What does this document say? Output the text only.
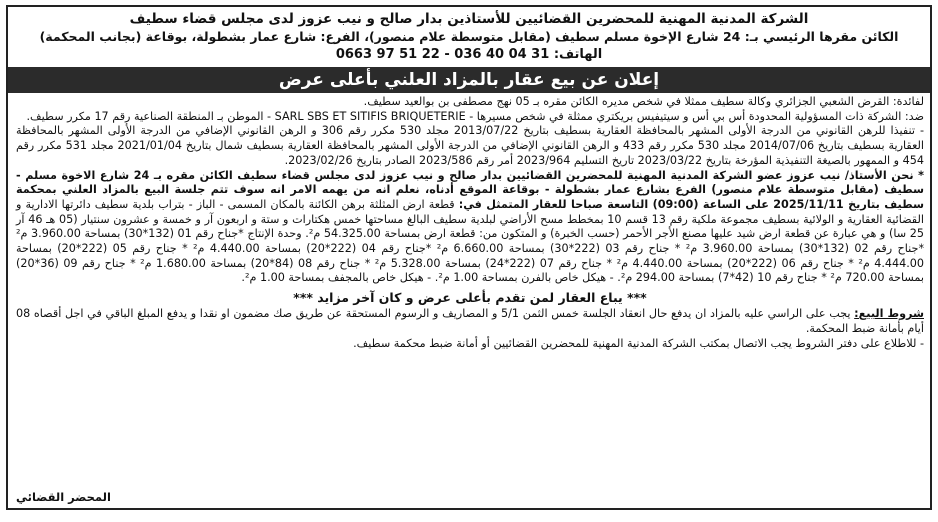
الشركة المدنية المهنية للمحضرين القضائيين للأستاذين بدار صالح و نيب عزوز لدى مجلس قضاء سطيف
الكائن مقرها الرئيسي بـ: 24 شارع الإخوة مسلم سطيف (مقابل متوسطة علام منصور)، الفرع: شارع عمار بشطولة، بوقاعة (بجانب المحكمة)
الهاتف: 0663 97 51 22 - 036 40 04 31
إعلان عن بيع عقار بالمزاد العلني بأعلى عرض

لفائدة: القرض الشعبي الجزائري وكالة سطيف ممثلا في شخص مديره الكائن مقره بـ 05 نهج مصطفى بن بوالعيد سطيف.

ضد: الشركة ذات المسؤولية المحدودة أس بي أس و سيتيفيس بريكتري ممثلة في شخص مسيرها - SARL SBS ET SITIFIS BRIQUETERIE - الموطن بـ المنطقة الصناعية رقم 17 مكرر سطيف.

- تنفيذا للرهن القانوني من الدرجة الأولى المشهر بالمحافظة العقارية بسطيف بتاريخ 2013/07/22 مجلد 530 مكرر رقم 306 و الرهن القانوني الإضافي من الدرجة الأولى المشهر بالمحافظة العقارية بسطيف بتاريخ 2014/07/06 مجلد 530 مكرر رقم 433 و الرهن القانوني الإضافي من الدرجة الأولى المشهر بالمحافظة العقارية بسطيف شمال بتاريخ 2021/01/04 مجلد 531 مكرر رقم 454 و الممهور بالصيغة التنفيذية المؤرخة بتاريخ 2023/03/22 تاريخ التسليم 2023/964 أمر رقم 2023/586 الصادر بتاريخ 2023/02/26.

* نحن الأستاذ/ نيب عزوز عضو الشركة المدنية المهنية للمحضرين القضائيين بدار صالح و نيب عزوز لدى مجلس قضاء سطيف الكائن مقره بـ 24 شارع الاخوة مسلم - سطيف (مقابل متوسطة علام منصور) الفرع بشارع عمار بشطولة - بوقاعة الموقع أدناه، نعلم انه من يهمه الامر انه سوف تتم جلسة البيع بالمزاد العلني بمحكمة سطيف بتاريخ 2025/11/11 على الساعة (09:00) التاسعة صباحا للعقار المتمثل في: قطعة ارض المثلثة برهن الكائنة بالمكان المسمى - الباز - بتراب بلدية سطيف دائرتها الادارية و القضائية العقارية و الولائية بسطيف مجموعة ملكية رقم 13 قسم 10 بمخطط مسح الأراضي لبلدية سطيف البالغ مساحتها خمس هكتارات و ستة و اربعون آر و خمسة و عشرون سنتيار (05 هـ 46 آر 25 سا) و هي عبارة عن قطعة ارض شيد عليها مصنع الأجر الأحمر (حسب الخبرة) و المتكون من: قطعة ارض بمساحة 54.325.00 م². وحدة الإنتاج *جناح رقم 01 (132*30) بمساحة 3.960.00 م² *جناح رقم 02 (132*30) بمساحة 3.960.00 م² * جناح رقم 03 (222*30) بمساحة 6.660.00 م² *جناح رقم 04 (222*20) بمساحة 4.440.00 م² * جناح رقم 05 (222*20) بمساحة 4.444.00 م² * جناح رقم 06 (222*20) بمساحة 4.440.00 م² * جناح رقم 07 (222*24) بمساحة 5.328.00 م² * جناح رقم 08 (84*20) بمساحة 1.680.00 م² * جناح رقم 09 (36*20) بمساحة 720.00 م² * جناح رقم 10 (42*7) بمساحة 294.00 م². - هيكل خاص بالفرن بمساحة 1.00 م². - هيكل خاص بالمجفف بمساحة 1.00 م².

*** يباع العقار لمن تقدم بأعلى عرض و كان آخر مزايد ***

شروط البيع: يجب على الراسي عليه بالمزاد ان يدفع حال انعقاد الجلسة خمس الثمن 5/1 و المصاريف و الرسوم المستحقة عن طريق صك مضمون او نقدا و يدفع المبلغ الباقي في اجل أقصاه 08 أيام بأمانة ضبط المحكمة.

- للاطلاع على دفتر الشروط يجب الاتصال بمكتب الشركة المدنية المهنية للمحضرين القضائيين أو أمانة ضبط محكمة سطيف.

المحضر القضائي
